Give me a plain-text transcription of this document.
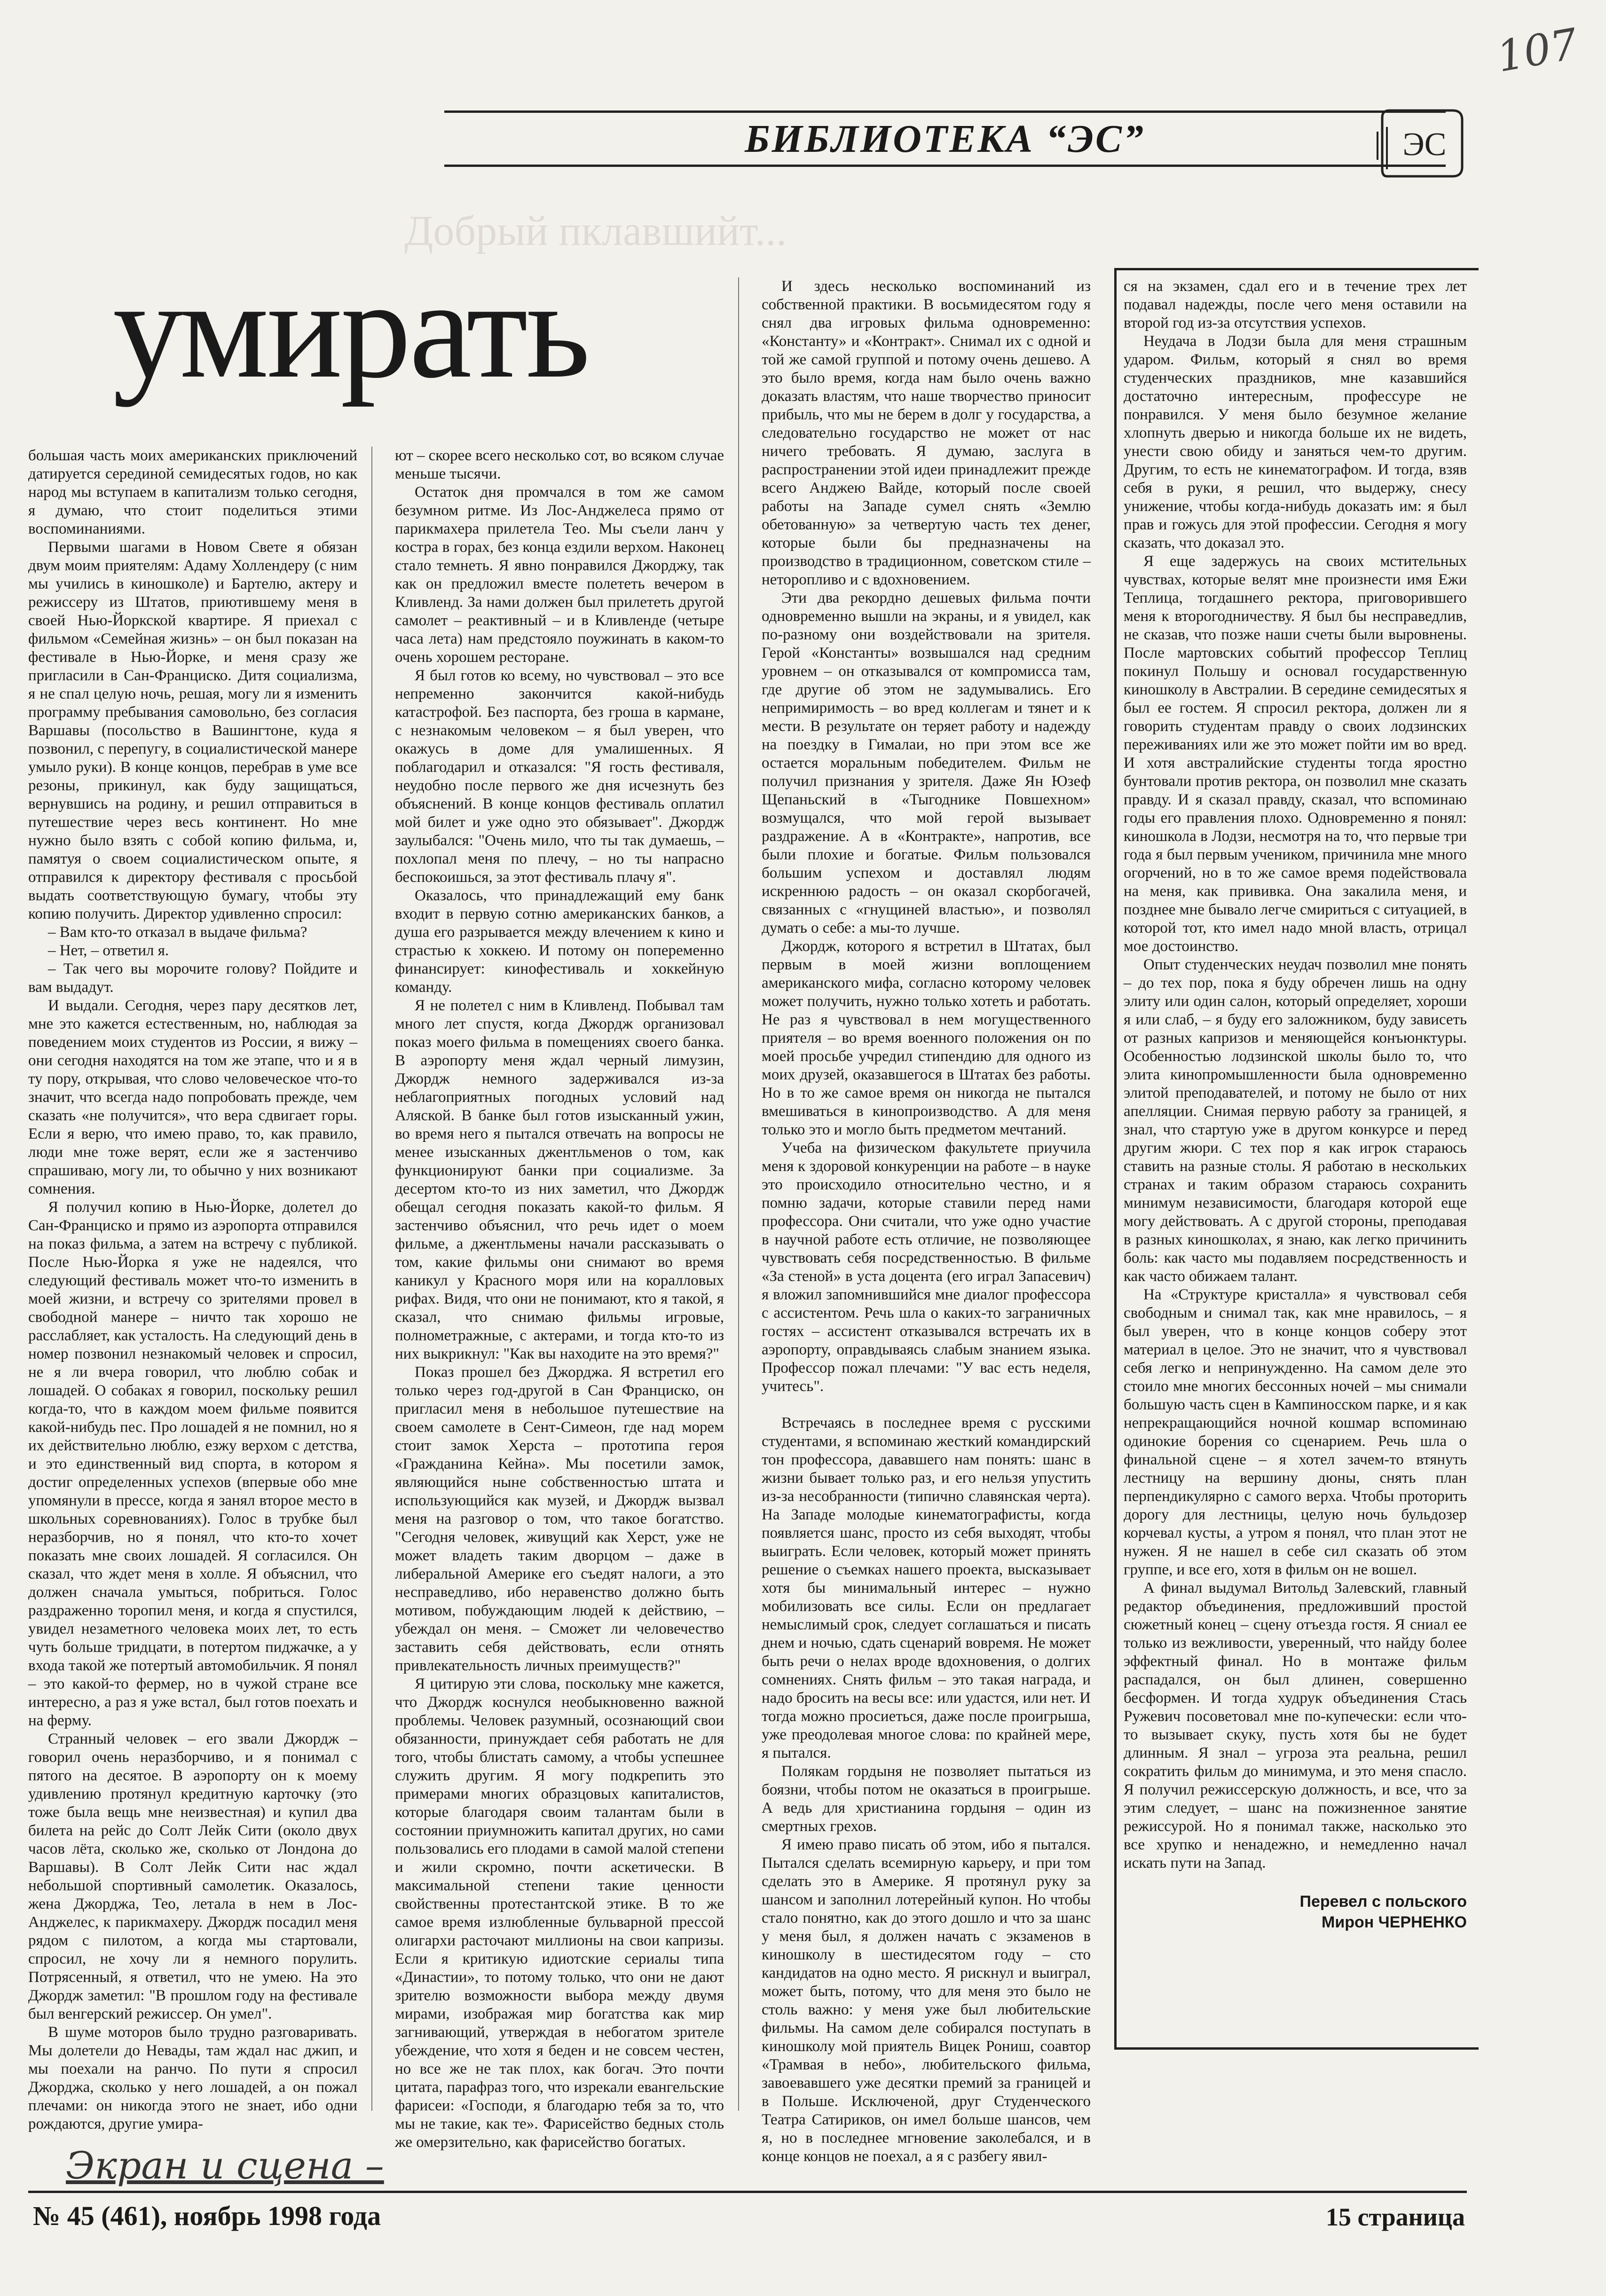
107
БИБЛИОТЕКА “ЭС”	ЭС
Добрый пклавшийт...
умирать

большая часть моих американских приключений датируется серединой семидесятых годов, но как народ мы вступаем в капитализм только сегодня, я думаю, что стоит поделиться этими воспоминаниями.

Первыми шагами в Новом Свете я обязан двум моим приятелям: Адаму Холлендеру (с ним мы учились в киношколе) и Бартелю, актеру и режиссеру из Штатов, приютившему меня в своей Нью-Йоркской квартире. Я приехал с фильмом «Семейная жизнь» – он был показан на фестивале в Нью-Йорке, и меня сразу же пригласили в Сан-Франциско. Дитя социализма, я не спал целую ночь, решая, могу ли я изменить программу пребывания самовольно, без согласия Варшавы (посольство в Вашингтоне, куда я позвонил, с перепугу, в социалистической манере умыло руки). В конце концов, перебрав в уме все резоны, прикинул, как буду защищаться, вернувшись на родину, и решил отправиться в путешествие через весь континент. Но мне нужно было взять с собой копию фильма, и, памятуя о своем социалистическом опыте, я отправился к директору фестиваля с просьбой выдать соответствующую бумагу, чтобы эту копию получить. Директор удивленно спросил:

– Вам кто-то отказал в выдаче фильма?

– Нет, – ответил я.

– Так чего вы морочите голову? Пойдите и вам выдадут.

И выдали. Сегодня, через пару десятков лет, мне это кажется естественным, но, наблюдая за поведением моих студентов из России, я вижу – они сегодня находятся на том же этапе, что и я в ту пору, открывая, что слово человеческое что-то значит, что всегда надо попробовать прежде, чем сказать «не получится», что вера сдвигает горы. Если я верю, что имею право, то, как правило, люди мне тоже верят, если же я застенчиво спрашиваю, могу ли, то обычно у них возникают сомнения.

Я получил копию в Нью-Йорке, долетел до Сан-Франциско и прямо из аэропорта отправился на показ фильма, а затем на встречу с публикой. После Нью-Йорка я уже не надеялся, что следующий фестиваль может что-то изменить в моей жизни, и встречу со зрителями провел в свободной манере – ничто так хорошо не расслабляет, как усталость. На следующий день в номер позвонил незнакомый человек и спросил, не я ли вчера говорил, что люблю собак и лошадей. О собаках я говорил, поскольку решил когда-то, что в каждом моем фильме появится какой-нибудь пес. Про лошадей я не помнил, но я их действительно люблю, езжу верхом с детства, и это единственный вид спорта, в котором я достиг определенных успехов (впервые обо мне упомянули в прессе, когда я занял второе место в школьных соревнованиях). Голос в трубке был неразборчив, но я понял, что кто-то хочет показать мне своих лошадей. Я согласился. Он сказал, что ждет меня в холле. Я объяснил, что должен сначала умыться, побриться. Голос раздраженно торопил меня, и когда я спустился, увидел незаметного человека моих лет, то есть чуть больше тридцати, в потертом пиджачке, а у входа такой же потертый автомобильчик. Я понял – это какой-то фермер, но в чужой стране все интересно, а раз я уже встал, был готов поехать и на ферму.

Странный человек – его звали Джордж – говорил очень неразборчиво, и я понимал с пятого на десятое. В аэропорту он к моему удивлению протянул кредитную карточку (это тоже была вещь мне неизвестная) и купил два билета на рейс до Солт Лейк Сити (около двух часов лёта, сколько же, сколько от Лондона до Варшавы). В Солт Лейк Сити нас ждал небольшой спортивный самолетик. Оказалось, жена Джорджа, Тео, летала в нем в Лос-Анджелес, к парикмахеру. Джордж посадил меня рядом с пилотом, а когда мы стартовали, спросил, не хочу ли я немного порулить. Потрясенный, я ответил, что не умею. На это Джордж заметил: "В прошлом году на фестивале был венгерский режиссер. Он умел".

В шуме моторов было трудно разговаривать. Мы долетели до Невады, там ждал нас джип, и мы поехали на ранчо. По пути я спросил Джорджа, сколько у него лошадей, а он пожал плечами: он никогда этого не знает, ибо одни рождаются, другие умира-

ют – скорее всего несколько сот, во всяком случае меньше тысячи.

Остаток дня промчался в том же самом безумном ритме. Из Лос-Анджелеса прямо от парикмахера прилетела Тео. Мы съели ланч у костра в горах, без конца ездили верхом. Наконец стало темнеть. Я явно понравился Джорджу, так как он предложил вместе полететь вечером в Кливленд. За нами должен был прилететь другой самолет – реактивный – и в Кливленде (четыре часа лета) нам предстояло поужинать в каком-то очень хорошем ресторане.

Я был готов ко всему, но чувствовал – это все непременно закончится какой-нибудь катастрофой. Без паспорта, без гроша в кармане, с незнакомым человеком – я был уверен, что окажусь в доме для умалишенных. Я поблагодарил и отказался: "Я гость фестиваля, неудобно после первого же дня исчезнуть без объяснений. В конце концов фестиваль оплатил мой билет и уже одно это обязывает". Джордж заулыбался: "Очень мило, что ты так думаешь, – похлопал меня по плечу, – но ты напрасно беспокоишься, за этот фестиваль плачу я".

Оказалось, что принадлежащий ему банк входит в первую сотню американских банков, а душа его разрывается между влечением к кино и страстью к хоккею. И потому он попеременно финансирует: кинофестиваль и хоккейную команду.

Я не полетел с ним в Кливленд. Побывал там много лет спустя, когда Джордж организовал показ моего фильма в помещениях своего банка. В аэропорту меня ждал черный лимузин, Джордж немного задерживался из-за неблагоприятных погодных условий над Аляской. В банке был готов изысканный ужин, во время него я пытался отвечать на вопросы не менее изысканных джентльменов о том, как функционируют банки при социализме. За десертом кто-то из них заметил, что Джордж обещал сегодня показать какой-то фильм. Я застенчиво объяснил, что речь идет о моем фильме, а джентльмены начали рассказывать о том, какие фильмы они снимают во время каникул у Красного моря или на коралловых рифах. Видя, что они не понимают, кто я такой, я сказал, что снимаю фильмы игровые, полнометражные, с актерами, и тогда кто-то из них выкрикнул: "Как вы находите на это время?"

Показ прошел без Джорджа. Я встретил его только через год-другой в Сан Франциско, он пригласил меня в небольшое путешествие на своем самолете в Сент-Симеон, где над морем стоит замок Херста – прототипа героя «Гражданина Кейна». Мы посетили замок, являющийся ныне собственностью штата и использующийся как музей, и Джордж вызвал меня на разговор о том, что такое богатство. "Сегодня человек, живущий как Херст, уже не может владеть таким дворцом – даже в либеральной Америке его съедят налоги, а это несправедливо, ибо неравенство должно быть мотивом, побуждающим людей к действию, – убеждал он меня. – Сможет ли человечество заставить себя действовать, если отнять привлекательность личных преимуществ?"

Я цитирую эти слова, поскольку мне кажется, что Джордж коснулся необыкновенно важной проблемы. Человек разумный, осознающий свои обязанности, принуждает себя работать не для того, чтобы блистать самому, а чтобы успешнее служить другим. Я могу подкрепить это примерами многих образцовых капиталистов, которые благодаря своим талантам были в состоянии приумножить капитал других, но сами пользовались его плодами в самой малой степени и жили скромно, почти аскетически. В максимальной степени такие ценности свойственны протестантской этике. В то же самое время излюбленные бульварной прессой олигархи расточают миллионы на свои капризы. Если я критикую идиотские сериалы типа «Династии», то потому только, что они не дают зрителю возможности выбора между двумя мирами, изображая мир богатства как мир загнивающий, утверждая в небогатом зрителе убеждение, что хотя я беден и не совсем честен, но все же не так плох, как богач. Это почти цитата, парафраз того, что изрекали евангельские фарисеи: «Господи, я благодарю тебя за то, что мы не такие, как те». Фарисейство бедных столь же омерзительно, как фарисейство богатых.

И здесь несколько воспоминаний из собственной практики. В восьмидесятом году я снял два игровых фильма одновременно: «Константу» и «Контракт». Снимал их с одной и той же самой группой и потому очень дешево. А это было время, когда нам было очень важно доказать властям, что наше творчество приносит прибыль, что мы не берем в долг у государства, а следовательно государство не может от нас ничего требовать. Я думаю, заслуга в распространении этой идеи принадлежит прежде всего Анджею Вайде, который после своей работы на Западе сумел снять «Землю обетованную» за четвертую часть тех денег, которые были бы предназначены на производство в традиционном, советском стиле – неторопливо и с вдохновением.

Эти два рекордно дешевых фильма почти одновременно вышли на экраны, и я увидел, как по-разному они воздействовали на зрителя. Герой «Константы» возвышался над средним уровнем – он отказывался от компромисса там, где другие об этом не задумывались. Его непримиримость – во вред коллегам и тянет и к мести. В результате он теряет работу и надежду на поездку в Гималаи, но при этом все же остается моральным победителем. Фильм не получил признания у зрителя. Даже Ян Юзеф Щепаньский в «Тыгоднике Повшехном» возмущался, что мой герой вызывает раздражение. А в «Контракте», напротив, все были плохие и богатые. Фильм пользовался большим успехом и доставлял людям искреннюю радость – он оказал скорбогачей, связанных с «гнущиней властью», и позволял думать о себе: а мы-то лучше.

Джордж, которого я встретил в Штатах, был первым в моей жизни воплощением американского мифа, согласно которому человек может получить, нужно только хотеть и работать. Не раз я чувствовал в нем могущественного приятеля – во время военного положения он по моей просьбе учредил стипендию для одного из моих друзей, оказавшегося в Штатах без работы. Но в то же самое время он никогда не пытался вмешиваться в кинопроизводство. А для меня только это и могло быть предметом мечтаний.

Учеба на физическом факультете приучила меня к здоровой конкуренции на работе – в науке это происходило относительно честно, и я помню задачи, которые ставили перед нами профессора. Они считали, что уже одно участие в научной работе есть отличие, не позволяющее чувствовать себя посредственностью. В фильме «За стеной» в уста доцента (его играл Запасевич) я вложил запомнившийся мне диалог профессора с ассистентом. Речь шла о каких-то заграничных гостях – ассистент отказывался встречать их в аэропорту, оправдываясь слабым знанием языка. Профессор пожал плечами: "У вас есть неделя, учитесь".

Встречаясь в последнее время с русскими студентами, я вспоминаю жесткий командирский тон профессора, дававшего нам понять: шанс в жизни бывает только раз, и его нельзя упустить из-за несобранности (типично славянская черта). На Западе молодые кинематографисты, когда появляется шанс, просто из себя выходят, чтобы выиграть. Если человек, который может принять решение о съемках нашего проекта, высказывает хотя бы минимальный интерес – нужно мобилизовать все силы. Если он предлагает немыслимый срок, следует соглашаться и писать днем и ночью, сдать сценарий вовремя. Не может быть речи о нелах вроде вдохновения, о долгих сомнениях. Снять фильм – это такая награда, и надо бросить на весы все: или удастся, или нет. И тогда можно просиеться, даже после проигрыша, уже преодолевая многое слова: по крайней мере, я пытался.

Полякам гордыня не позволяет пытаться из боязни, чтобы потом не оказаться в проигрыше. А ведь для христианина гордыня – один из смертных грехов.

Я имею право писать об этом, ибо я пытался. Пытался сделать всемирную карьеру, и при том сделать это в Америке. Я протянул руку за шансом и заполнил лотерейный купон. Но чтобы стало понятно, как до этого дошло и что за шанс у меня был, я должен начать с экзаменов в киношколу в шестидесятом году – сто кандидатов на одно место. Я рискнул и выиграл, может быть, потому, что для меня это было не столь важно: у меня уже был любительские фильмы. На самом деле собирался поступать в киношколу мой приятель Вицек Рониш, соавтор «Трамвая в небо», любительского фильма, завоевавшего уже десятки премий за границей и в Польше. Исключеной, друг Студенческого Театра Сатириков, он имел больше шансов, чем я, но в последнее мгновение заколебался, и в конце концов не поехал, а я с разбегу явил-

ся на экзамен, сдал его и в течение трех лет подавал надежды, после чего меня оставили на второй год из-за отсутствия успехов.

Неудача в Лодзи была для меня страшным ударом. Фильм, который я снял во время студенческих праздников, мне казавшийся достаточно интересным, профессуре не понравился. У меня было безумное желание хлопнуть дверью и никогда больше их не видеть, унести свою обиду и заняться чем-то другим. Другим, то есть не кинематографом. И тогда, взяв себя в руки, я решил, что выдержу, снесу унижение, чтобы когда-нибудь доказать им: я был прав и гожусь для этой профессии. Сегодня я могу сказать, что доказал это.

Я еще задержусь на своих мстительных чувствах, которые велят мне произнести имя Ежи Теплица, тогдашнего ректора, приговорившего меня к второгодничеству. Я был бы несправедлив, не сказав, что позже наши счеты были выровнены. После мартовских событий профессор Теплиц покинул Польшу и основал государственную киношколу в Австралии. В середине семидесятых я был ее гостем. Я спросил ректора, должен ли я говорить студентам правду о своих лодзинских переживаниях или же это может пойти им во вред. И хотя австралийские студенты тогда яростно бунтовали против ректора, он позволил мне сказать правду. И я сказал правду, сказал, что вспоминаю годы его правления плохо. Одновременно я понял: киношкола в Лодзи, несмотря на то, что первые три года я был первым учеником, причинила мне много огорчений, но в то же самое время подействовала на меня, как прививка. Она закалила меня, и позднее мне бывало легче смириться с ситуацией, в которой тот, кто имел надо мной власть, отрицал мое достоинство.

Опыт студенческих неудач позволил мне понять – до тех пор, пока я буду обречен лишь на одну элиту или один салон, который определяет, хороши я или слаб, – я буду его заложником, буду зависеть от разных капризов и меняющейся конъюнктуры. Особенностью лодзинской школы было то, что элита кинопромышленности была одновременно элитой преподавателей, и потому не было от них апелляции. Снимая первую работу за границей, я знал, что стартую уже в другом конкурсе и перед другим жюри. С тех пор я как игрок стараюсь ставить на разные столы. Я работаю в нескольких странах и таким образом стараюсь сохранить минимум независимости, благодаря которой еще могу действовать. А с другой стороны, преподавая в разных киношколах, я знаю, как легко причинить боль: как часто мы подавляем посредственность и как часто обижаем талант.

На «Структуре кристалла» я чувствовал себя свободным и снимал так, как мне нравилось, – я был уверен, что в конце концов соберу этот материал в целое. Это не значит, что я чувствовал себя легко и непринужденно. На самом деле это стоило мне многих бессонных ночей – мы снимали большую часть сцен в Кампиносском парке, и я как непрекращающийся ночной кошмар вспоминаю одинокие борения со сценарием. Речь шла о финальной сцене – я хотел зачем-то втянуть лестницу на вершину дюны, снять план перпендикулярно с самого верха. Чтобы проторить дорогу для лестницы, целую ночь бульдозер корчевал кусты, а утром я понял, что план этот не нужен. Я не нашел в себе сил сказать об этом группе, и все его, хотя в фильм он не вошел.

А финал выдумал Витольд Залевский, главный редактор объединения, предложивший простой сюжетный конец – сцену отъезда гостя. Я сниал ее только из вежливости, уверенный, что найду более эффектный финал. Но в монтаже фильм распадался, он был длинен, совершенно бесформен. И тогда худрук объединения Стась Ружевич посоветовал мне по-купечески: если что-то вызывает скуку, пусть хотя бы не будет длинным. Я знал – угроза эта реальна, решил сократить фильм до минимума, и это меня спасло. Я получил режиссерскую должность, и все, что за этим следует, – шанс на пожизненное занятие режиссурой. Но я понимал также, насколько это все хрупко и ненадежно, и немедленно начал искать пути на Запад.

Перевел с польского
Мирон ЧЕРНЕНКО
Экран и сцена –
№ 45 (461), ноябрь 1998 года	15 страница
